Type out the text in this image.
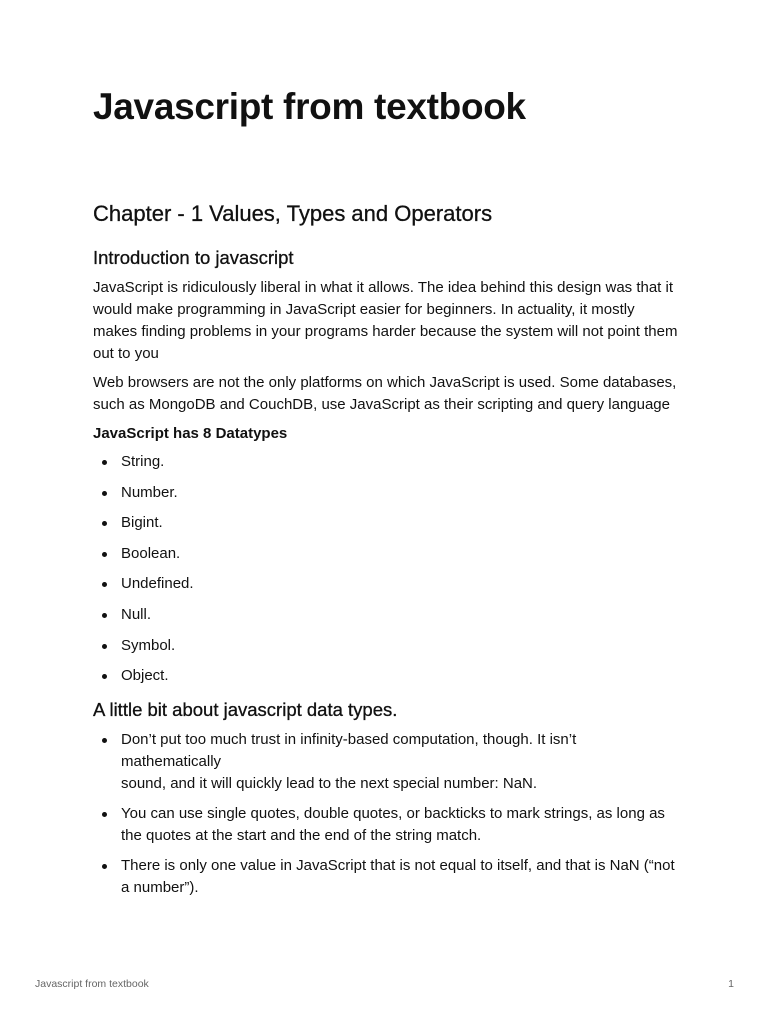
Javascript from textbook
Chapter - 1 Values, Types and Operators
Introduction to javascript

JavaScript is ridiculously liberal in what it allows. The idea behind this design was that it would make programming in JavaScript easier for beginners. In actuality, it mostly makes finding problems in your programs harder because the system will not point them out to you

Web browsers are not the only platforms on which JavaScript is used. Some databases, such as MongoDB and CouchDB, use JavaScript as their scripting and query language

JavaScript has 8 Datatypes

String.
Number.
Bigint.
Boolean.
Undefined.
Null.
Symbol.
Object.
A little bit about javascript data types.
Don’t put too much trust in infinity-based computation, though. It isn’t mathematically
sound, and it will quickly lead to the next special number: NaN.
You can use single quotes, double quotes, or backticks to mark strings, as long as the quotes at the start and the end of the string match.
There is only one value in JavaScript that is not equal to itself, and that is NaN (“not a number”).
Javascript from textbook	1
